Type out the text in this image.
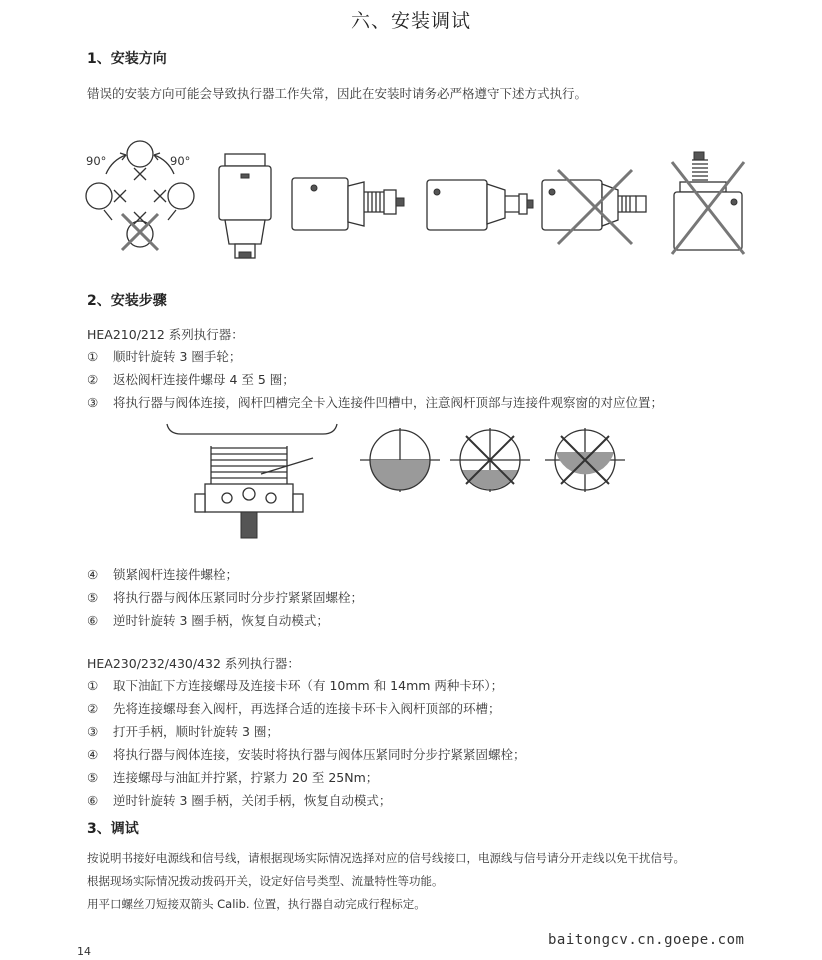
六、安装调试
1、安装方向
错误的安装方向可能会导致执行器工作失常，因此在安装时请务必严格遵守下述方式执行。
90°	90°
2、安装步骤
HEA210/212 系列执行器：
① 顺时针旋转 3 圈手轮；
② 返松阀杆连接件螺母 4 至 5 圈；
③ 将执行器与阀体连接，阀杆凹槽完全卡入连接件凹槽中，注意阀杆顶部与连接件观察窗的对应位置；
④ 锁紧阀杆连接件螺栓；
⑤ 将执行器与阀体压紧同时分步拧紧紧固螺栓；
⑥ 逆时针旋转 3 圈手柄，恢复自动模式；
HEA230/232/430/432 系列执行器：
① 取下油缸下方连接螺母及连接卡环（有 10mm 和 14mm 两种卡环）；
② 先将连接螺母套入阀杆，再选择合适的连接卡环卡入阀杆顶部的环槽；
③ 打开手柄，顺时针旋转 3 圈；
④ 将执行器与阀体连接，安装时将执行器与阀体压紧同时分步拧紧紧固螺栓；
⑤ 连接螺母与油缸并拧紧，拧紧力 20 至 25Nm；
⑥ 逆时针旋转 3 圈手柄，关闭手柄，恢复自动模式；
3、调试
按说明书接好电源线和信号线，请根据现场实际情况选择对应的信号线接口，电源线与信号请分开走线以免干扰信号。
根据现场实际情况拨动拨码开关，设定好信号类型、流量特性等功能。
用平口螺丝刀短接双箭头 Calib. 位置，执行器自动完成行程标定。
14
baitongcv.cn.goepe.com
